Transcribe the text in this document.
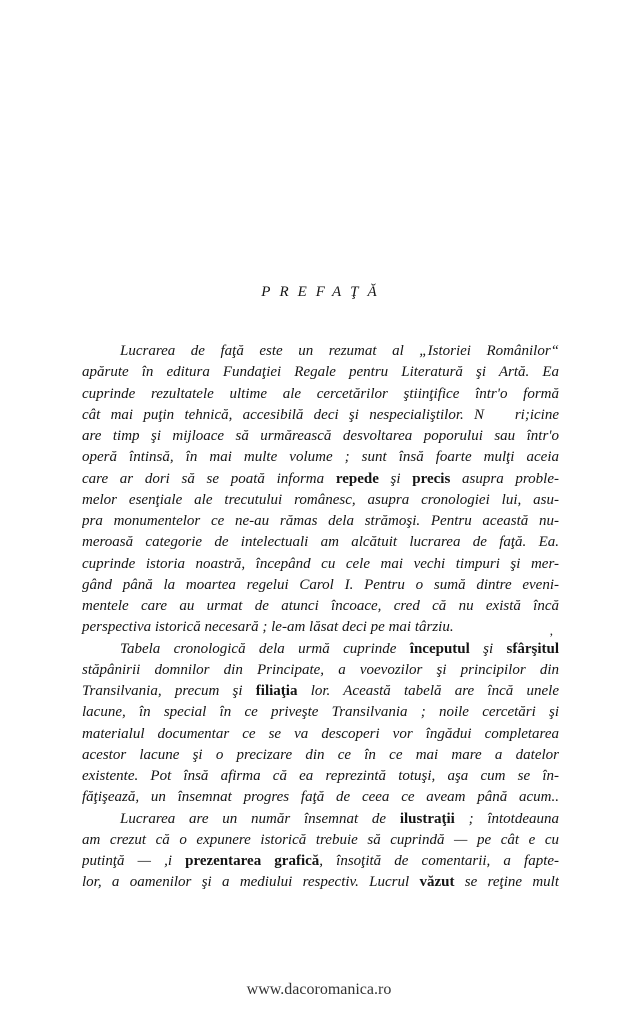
PREFAŢĂ
Lucrarea de faţă este un rezumat al „Istoriei Românilor“
apărute în editura Fundaţiei Regale pentru Literatură şi Artă. Ea
cuprinde rezultatele ultime ale cercetărilor ştiinţifice într'o formă
cât mai puţin tehnică, accesibilă deci şi nespecialiştilor. N   ri;icine
are timp şi mijloace să urmărească desvoltarea poporului sau într'o
operă întinsă, în mai multe volume ; sunt însă foarte mulţi aceia
care ar dori să se poată informa repede şi precis asupra proble-
melor esenţiale ale trecutului românesc, asupra cronologiei lui, asu-
pra monumentelor ce ne-au rămas dela strămoşi. Pentru această nu-
meroasă categorie de intelectuali am alcătuit lucrarea de faţă. Ea.
cuprinde istoria noastră, începând cu cele mai vechi timpuri şi mer-
gând până la moartea regelui Carol I. Pentru o sumă dintre eveni-
mentele care au urmat de atunci încoace, cred că nu există încă
perspectiva istorică necesară ; le-am lăsat deci pe mai târziu.	,
Tabela cronologică dela urmă cuprinde începutul şi sfârşitul
stăpânirii domnilor din Principate, a voevozilor şi principilor din
Transilvania, precum şi filiaţia lor. Această tabelă are încă unele
lacune, în special în ce priveşte Transilvania ; noile cercetări şi
materialul documentar ce se va descoperi vor îngădui completarea
acestor lacune şi o precizare din ce în ce mai mare a datelor
existente. Pot însă afirma că ea reprezintă totuşi, aşa cum se în-
făţişează, un însemnat progres faţă de ceea ce aveam până acum..
Lucrarea are un număr însemnat de ilustraţii ; întotdeauna
am crezut că o expunere istorică trebuie să cuprindă — pe cât e cu
putinţă — ,i prezentarea grafică, însoţită de comentarii, a fapte-
lor, a oamenilor şi a mediului respectiv. Lucrul văzut se reţine mult
www.dacoromanica.ro
